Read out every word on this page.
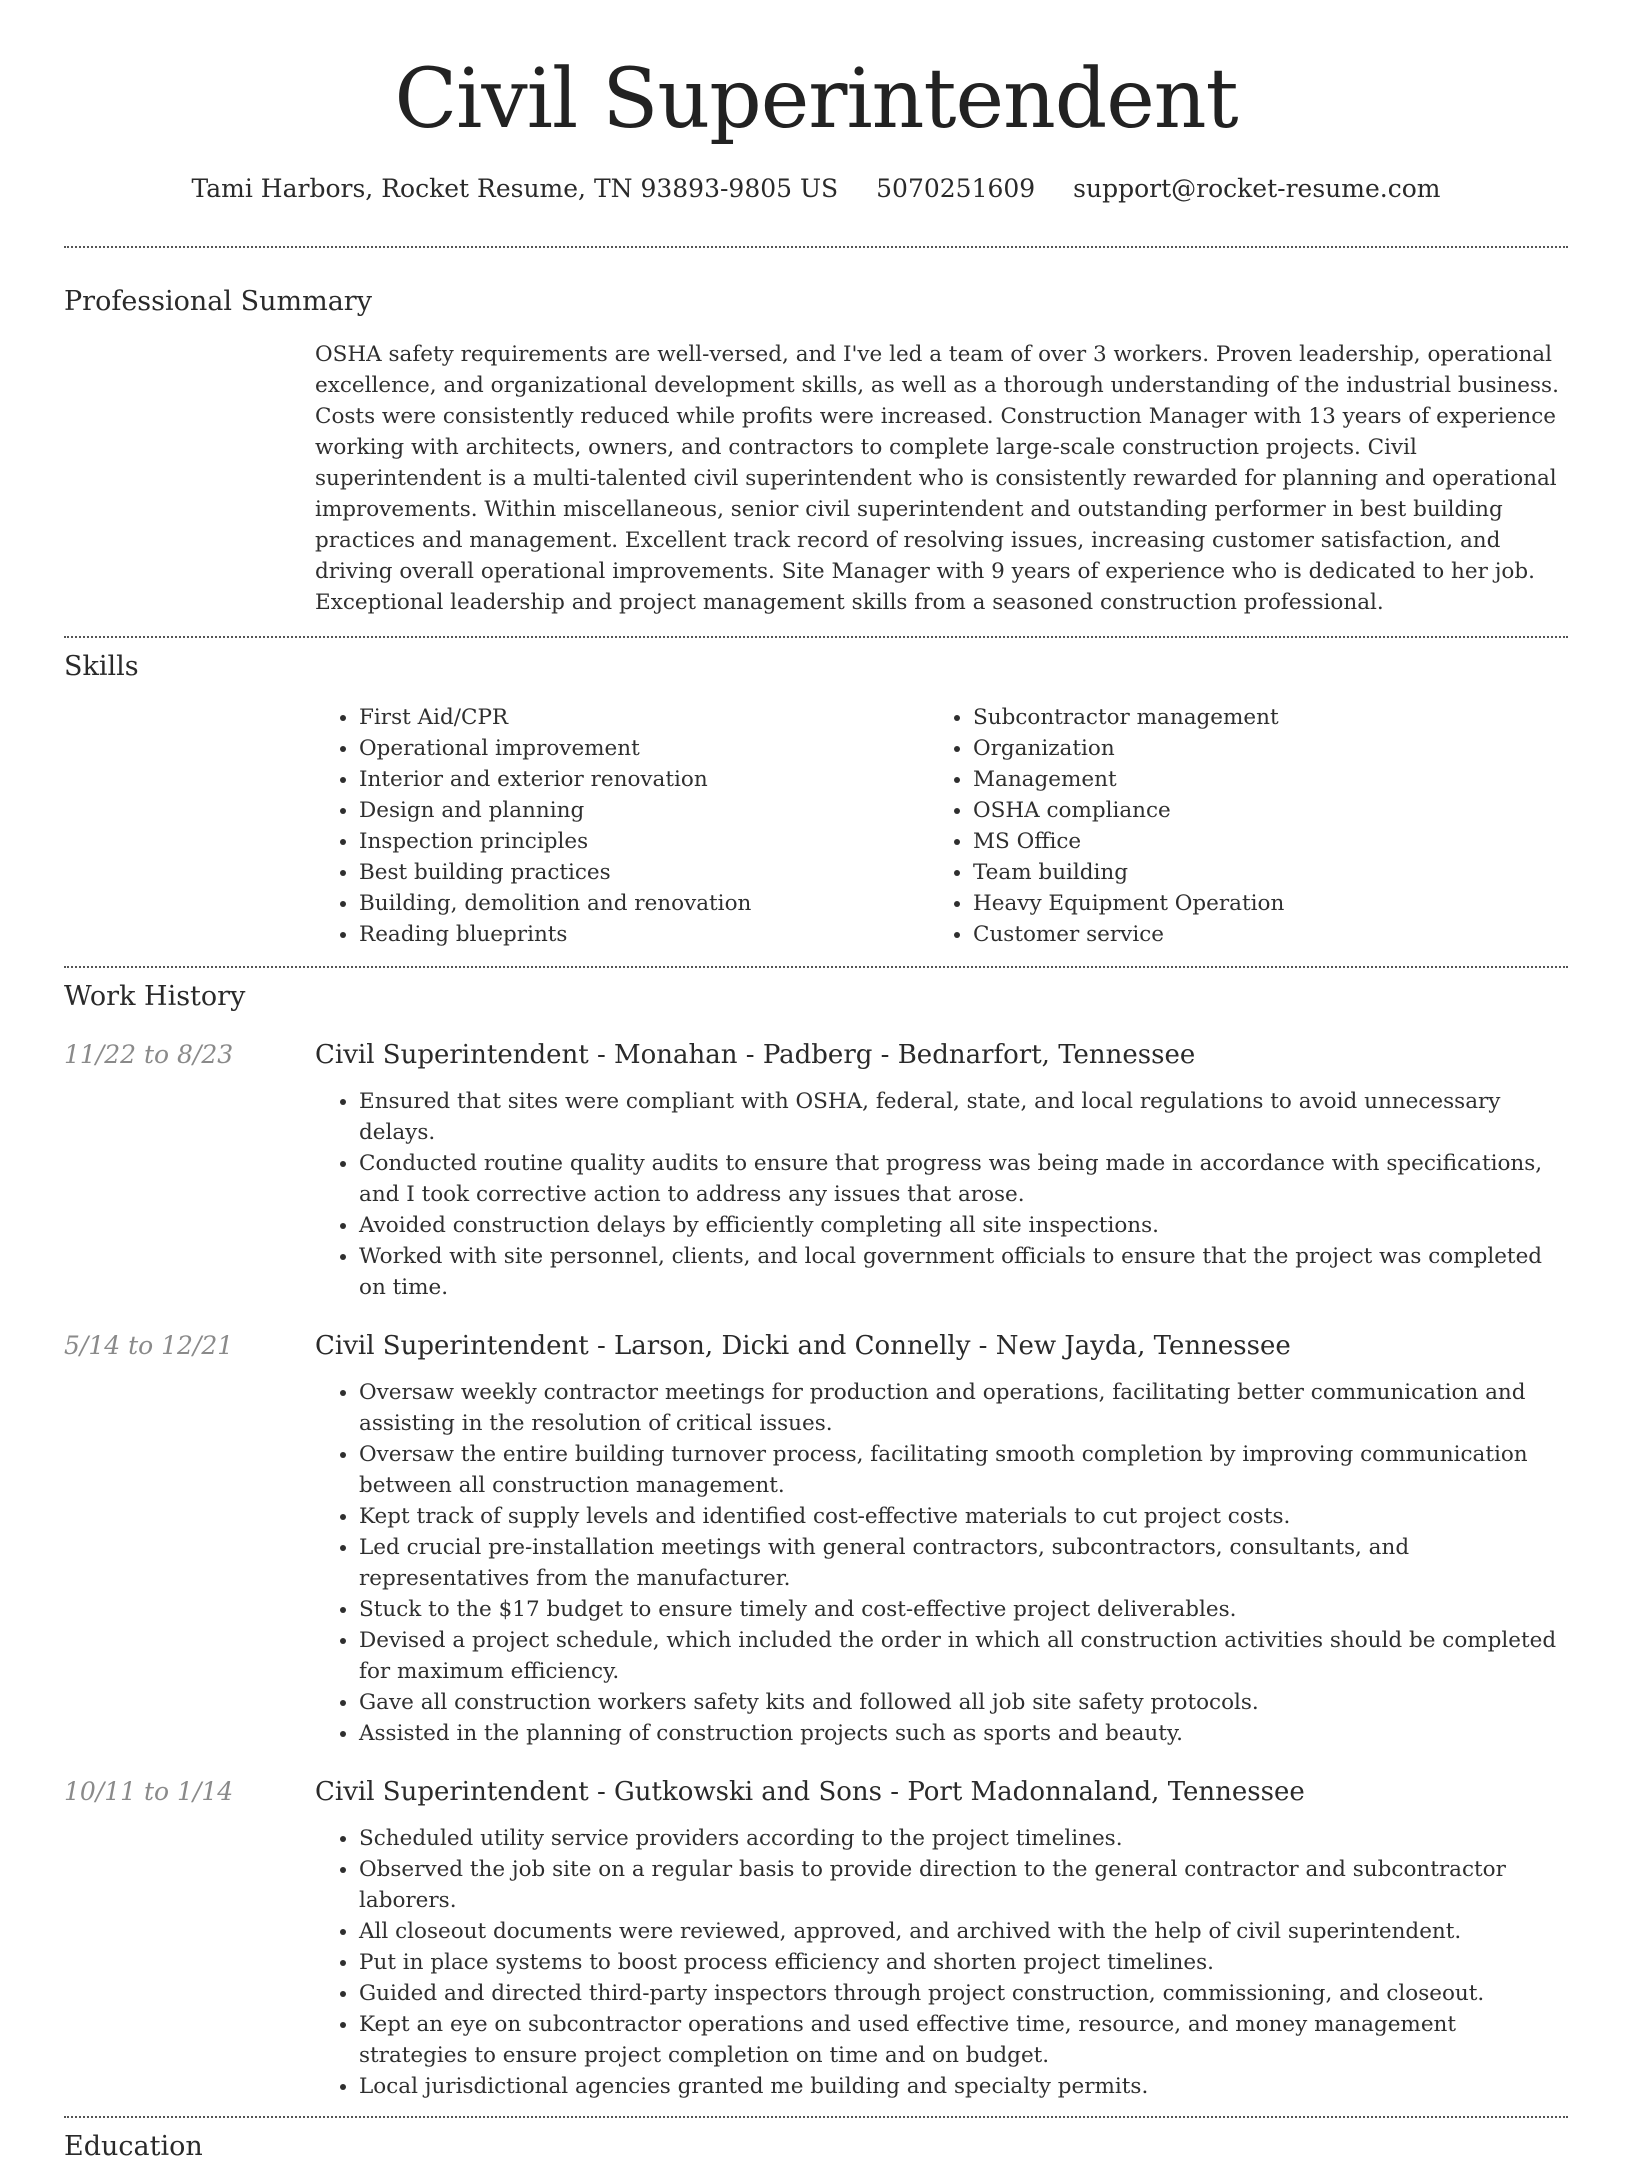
Civil Superintendent
Tami Harbors, Rocket Resume, TN 93893-9805 US 5070251609 support@rocket-resume.com
Professional Summary
OSHA safety requirements are well-versed, and I've led a team of over 3 workers. Proven leadership, operational excellence, and organizational development skills, as well as a thorough understanding of the industrial business. Costs were consistently reduced while profits were increased. Construction Manager with 13 years of experience working with architects, owners, and contractors to complete large-scale construction projects. Civil superintendent is a multi-talented civil superintendent who is consistently rewarded for planning and operational improvements. Within miscellaneous, senior civil superintendent and outstanding performer in best building practices and management. Excellent track record of resolving issues, increasing customer satisfaction, and driving overall operational improvements. Site Manager with 9 years of experience who is dedicated to her job. Exceptional leadership and project management skills from a seasoned construction professional.
Skills
• First Aid/CPR
• Operational improvement
• Interior and exterior renovation
• Design and planning
• Inspection principles
• Best building practices
• Building, demolition and renovation
• Reading blueprints
• Subcontractor management
• Organization
• Management
• OSHA compliance
• MS Office
• Team building
• Heavy Equipment Operation
• Customer service
Work History
11/22 to 8/23	Civil Superintendent - Monahan - Padberg - Bednarfort, Tennessee
• Ensured that sites were compliant with OSHA, federal, state, and local regulations to avoid unnecessary delays.
• Conducted routine quality audits to ensure that progress was being made in accordance with specifications, and I took corrective action to address any issues that arose.
• Avoided construction delays by efficiently completing all site inspections.
• Worked with site personnel, clients, and local government officials to ensure that the project was completed on time.
5/14 to 12/21	Civil Superintendent - Larson, Dicki and Connelly - New Jayda, Tennessee
• Oversaw weekly contractor meetings for production and operations, facilitating better communication and assisting in the resolution of critical issues.
• Oversaw the entire building turnover process, facilitating smooth completion by improving communication between all construction management.
• Kept track of supply levels and identified cost-effective materials to cut project costs.
• Led crucial pre-installation meetings with general contractors, subcontractors, consultants, and representatives from the manufacturer.
• Stuck to the $17 budget to ensure timely and cost-effective project deliverables.
• Devised a project schedule, which included the order in which all construction activities should be completed for maximum efficiency.
• Gave all construction workers safety kits and followed all job site safety protocols.
• Assisted in the planning of construction projects such as sports and beauty.
10/11 to 1/14	Civil Superintendent - Gutkowski and Sons - Port Madonnaland, Tennessee
• Scheduled utility service providers according to the project timelines.
• Observed the job site on a regular basis to provide direction to the general contractor and subcontractor laborers.
• All closeout documents were reviewed, approved, and archived with the help of civil superintendent.
• Put in place systems to boost process efficiency and shorten project timelines.
• Guided and directed third-party inspectors through project construction, commissioning, and closeout.
• Kept an eye on subcontractor operations and used effective time, resource, and money management strategies to ensure project completion on time and on budget.
• Local jurisdictional agencies granted me building and specialty permits.
Education
